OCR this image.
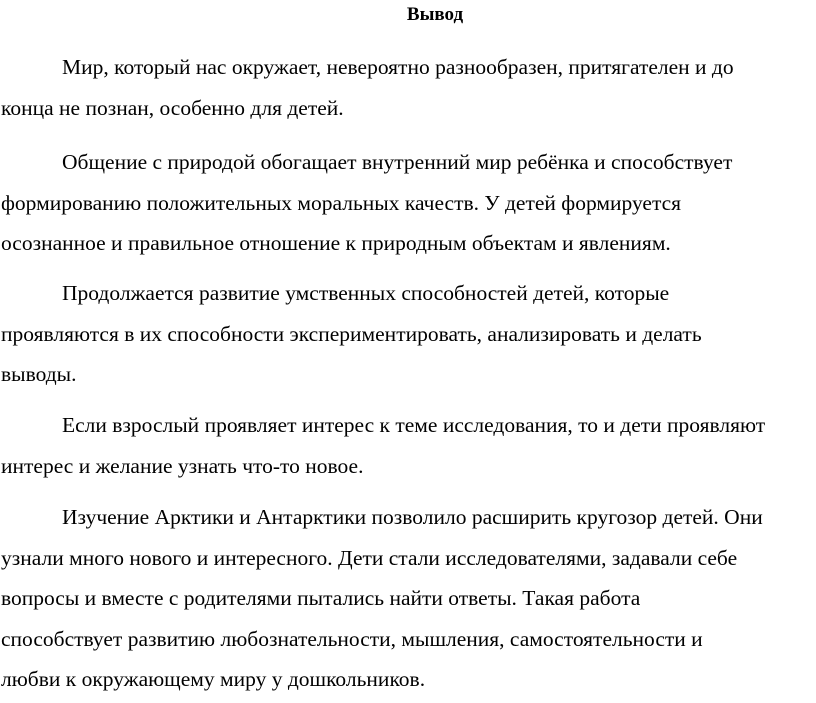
Вывод

Мир, который нас окружает, невероятно разнообразен, притягателен и до
конца не познан, особенно для детей.

Общение с природой обогащает внутренний мир ребёнка и способствует
формированию положительных моральных качеств. У детей формируется
осознанное и правильное отношение к природным объектам и явлениям.

Продолжается развитие умственных способностей детей, которые
проявляются в их способности экспериментировать, анализировать и делать
выводы.

Если взрослый проявляет интерес к теме исследования, то и дети проявляют
интерес и желание узнать что-то новое.

Изучение Арктики и Антарктики позволило расширить кругозор детей. Они
узнали много нового и интересного. Дети стали исследователями, задавали себе
вопросы и вместе с родителями пытались найти ответы. Такая работа
способствует развитию любознательности, мышления, самостоятельности и
любви к окружающему миру у дошкольников.
